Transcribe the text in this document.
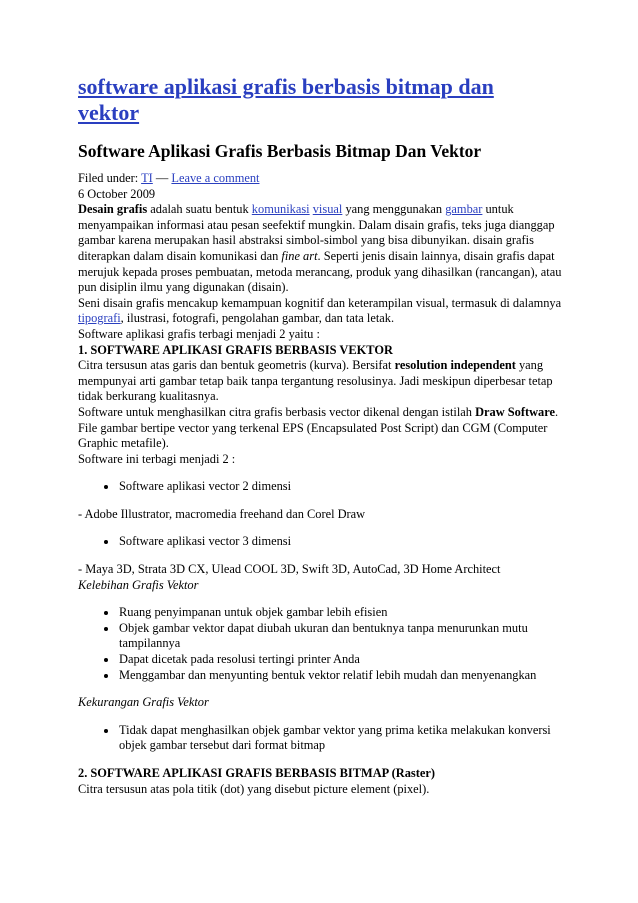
software aplikasi grafis berbasis bitmap dan vektor
Software Aplikasi Grafis Berbasis Bitmap Dan Vektor

Filed under: TI — Leave a comment

6 October 2009

Desain grafis adalah suatu bentuk komunikasi visual yang menggunakan gambar untuk menyampaikan informasi atau pesan seefektif mungkin. Dalam disain grafis, teks juga dianggap gambar karena merupakan hasil abstraksi simbol-simbol yang bisa dibunyikan. disain grafis diterapkan dalam disain komunikasi dan fine art. Seperti jenis disain lainnya, disain grafis dapat merujuk kepada proses pembuatan, metoda merancang, produk yang dihasilkan (rancangan), atau pun disiplin ilmu yang digunakan (disain).

Seni disain grafis mencakup kemampuan kognitif dan keterampilan visual, termasuk di dalamnya tipografi, ilustrasi, fotografi, pengolahan gambar, dan tata letak.

Software aplikasi grafis terbagi menjadi 2 yaitu :

1. SOFTWARE APLIKASI GRAFIS BERBASIS VEKTOR

Citra tersusun atas garis dan bentuk geometris (kurva). Bersifat resolution independent yang mempunyai arti gambar tetap baik tanpa tergantung resolusinya. Jadi meskipun diperbesar tetap tidak berkurang kualitasnya.

Software untuk menghasilkan citra grafis berbasis vector dikenal dengan istilah Draw Software. File gambar bertipe vector yang terkenal EPS (Encapsulated Post Script) dan CGM (Computer Graphic metafile).

Software ini terbagi menjadi 2 :

• Software aplikasi vector 2 dimensi

- Adobe Illustrator, macromedia freehand dan Corel Draw

• Software aplikasi vector 3 dimensi

- Maya 3D, Strata 3D CX, Ulead COOL 3D, Swift 3D, AutoCad, 3D Home Architect

Kelebihan Grafis Vektor

• Ruang penyimpanan untuk objek gambar lebih efisien
• Objek gambar vektor dapat diubah ukuran dan bentuknya tanpa menurunkan mutu tampilannya
• Dapat dicetak pada resolusi tertingi printer Anda
• Menggambar dan menyunting bentuk vektor relatif lebih mudah dan menyenangkan

Kekurangan Grafis Vektor

• Tidak dapat menghasilkan objek gambar vektor yang prima ketika melakukan konversi objek gambar tersebut dari format bitmap

2. SOFTWARE APLIKASI GRAFIS BERBASIS BITMAP (Raster)

Citra tersusun atas pola titik (dot) yang disebut picture element (pixel).
